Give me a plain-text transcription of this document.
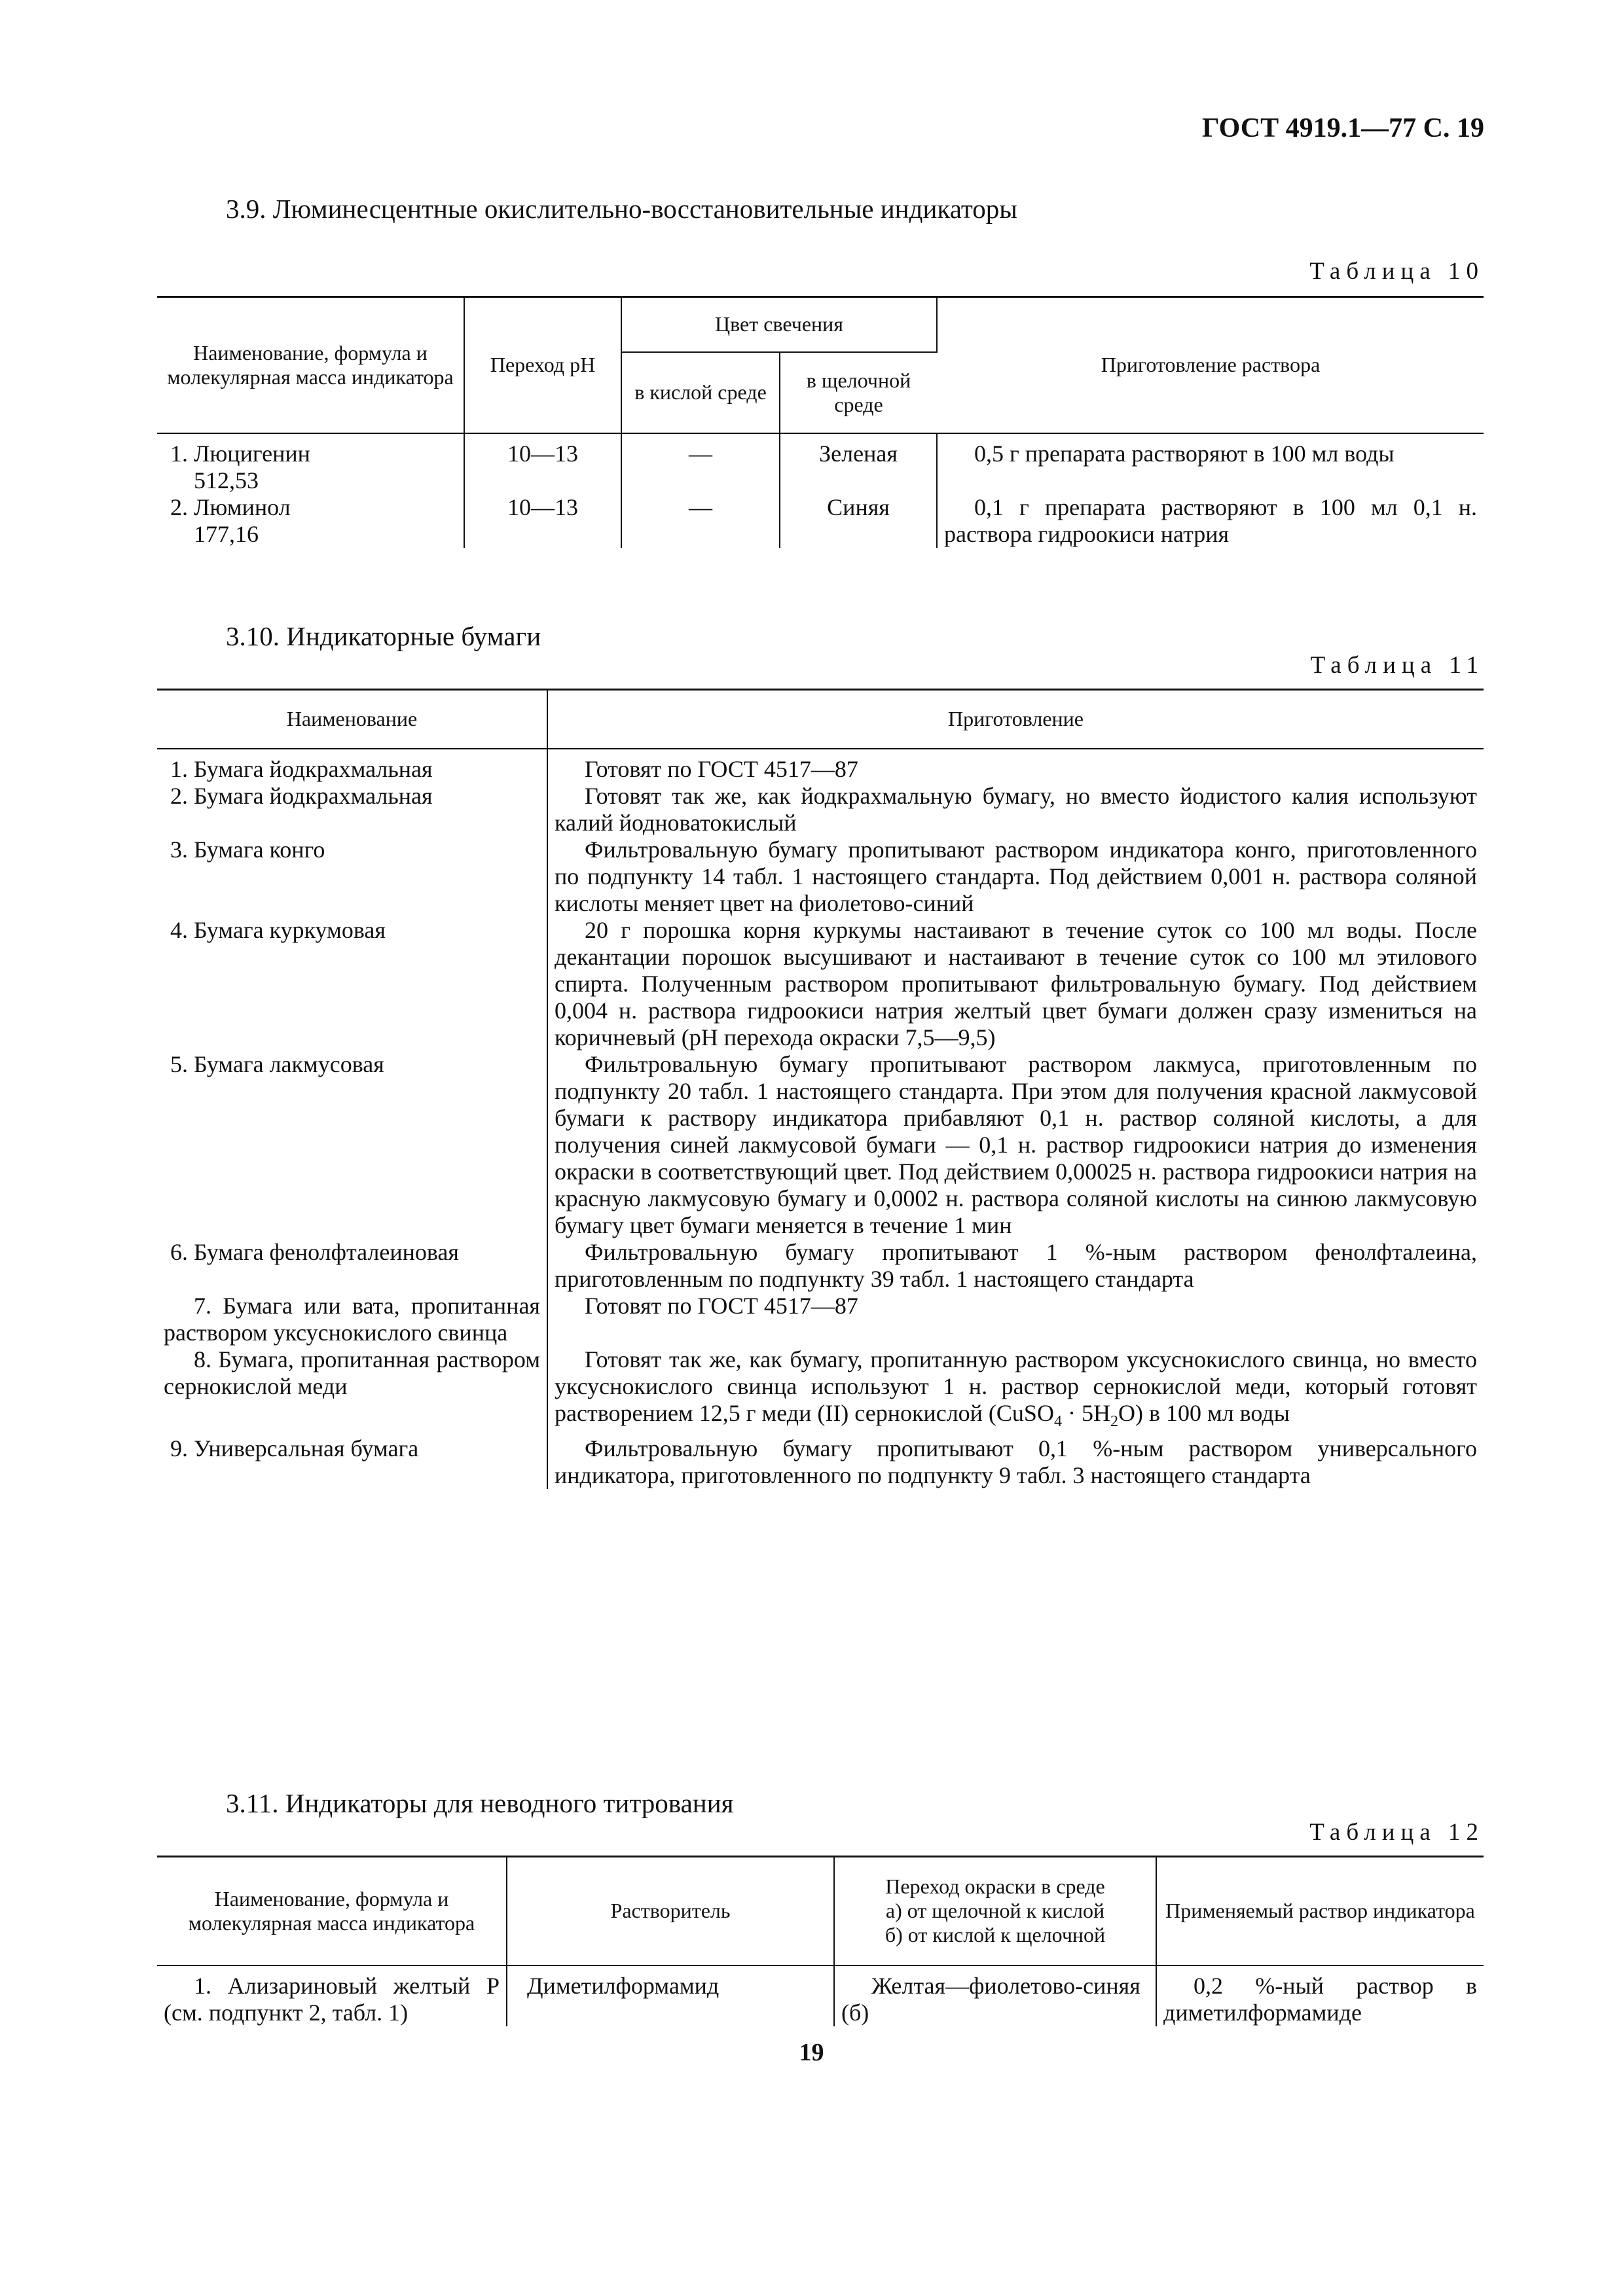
ГОСТ 4919.1—77 С. 19
3.9. Люминесцентные окислительно-восстановительные индикаторы
Таблица 10
Наименование, формула и молекулярная масса индикатора	Переход pH	Цвет свечения		Приготовление раствора
		в кислой среде	в щелочной среде	
1. Люцигенин
512,53	10—13	—	Зеленая	0,5 г препарата растворяют в 100 мл воды
2. Люминол
177,16	10—13	—	Синяя	0,1 г препарата растворяют в 100 мл 0,1 н. раствора гидроокиси натрия
3.10. Индикаторные бумаги
Таблица 11
Наименование	Приготовление
1. Бумага йодкрахмальная	Готовят по ГОСТ 4517—87
2. Бумага йодкрахмальная	Готовят так же, как йодкрахмальную бумагу, но вместо йодистого калия используют калий йодноватокислый
3. Бумага конго	Фильтровальную бумагу пропитывают раствором индикатора конго, приготовленного по подпункту 14 табл. 1 настоящего стандарта. Под действием 0,001 н. раствора соляной кислоты меняет цвет на фиолетово-синий
4. Бумага куркумовая	20 г порошка корня куркумы настаивают в течение суток со 100 мл воды. После декантации порошок высушивают и настаивают в течение суток со 100 мл этилового спирта. Полученным раствором пропитывают фильтровальную бумагу. Под действием 0,004 н. раствора гидроокиси натрия желтый цвет бумаги должен сразу измениться на коричневый (pH перехода окраски 7,5—9,5)
5. Бумага лакмусовая	Фильтровальную бумагу пропитывают раствором лакмуса, приготовленным по подпункту 20 табл. 1 настоящего стандарта. При этом для получения красной лакмусовой бумаги к раствору индикатора прибавляют 0,1 н. раствор соляной кислоты, а для получения синей лакмусовой бумаги — 0,1 н. раствор гидроокиси натрия до изменения окраски в соответствующий цвет. Под действием 0,00025 н. раствора гидроокиси натрия на красную лакмусовую бумагу и 0,0002 н. раствора соляной кислоты на синюю лакмусовую бумагу цвет бумаги меняется в течение 1 мин
6. Бумага фенолфталеиновая	Фильтровальную бумагу пропитывают 1 %-ным раствором фенолфталеина, приготовленным по подпункту 39 табл. 1 настоящего стандарта
7. Бумага или вата, пропитанная раствором уксуснокислого свинца	Готовят по ГОСТ 4517—87
8. Бумага, пропитанная раствором сернокислой меди	Готовят так же, как бумагу, пропитанную раствором уксуснокислого свинца, но вместо уксуснокислого свинца используют 1 н. раствор сернокислой меди, который готовят растворением 12,5 г меди (II) сернокислой (CuSO$_4$ · $5H_2O$) в 100 мл воды
9. Универсальная бумага	Фильтровальную бумагу пропитывают 0,1 %-ным раствором универсального индикатора, приготовленного по подпункту 9 табл. 3 настоящего стандарта
3.11. Индикаторы для неводного титрования
Таблица 12
Наименование, формула и молекулярная масса индикатора	Растворитель	Переход окраски в среде
а) от щелочной к кислой
б) от кислой к щелочной	Применяемый раствор индикатора
1. Ализариновый желтый Р (см. подпункт 2, табл. 1)	Диметилформамид	Желтая—фиолетово-синяя (б)	0,2 %-ный раствор в диметилформамиде
19
